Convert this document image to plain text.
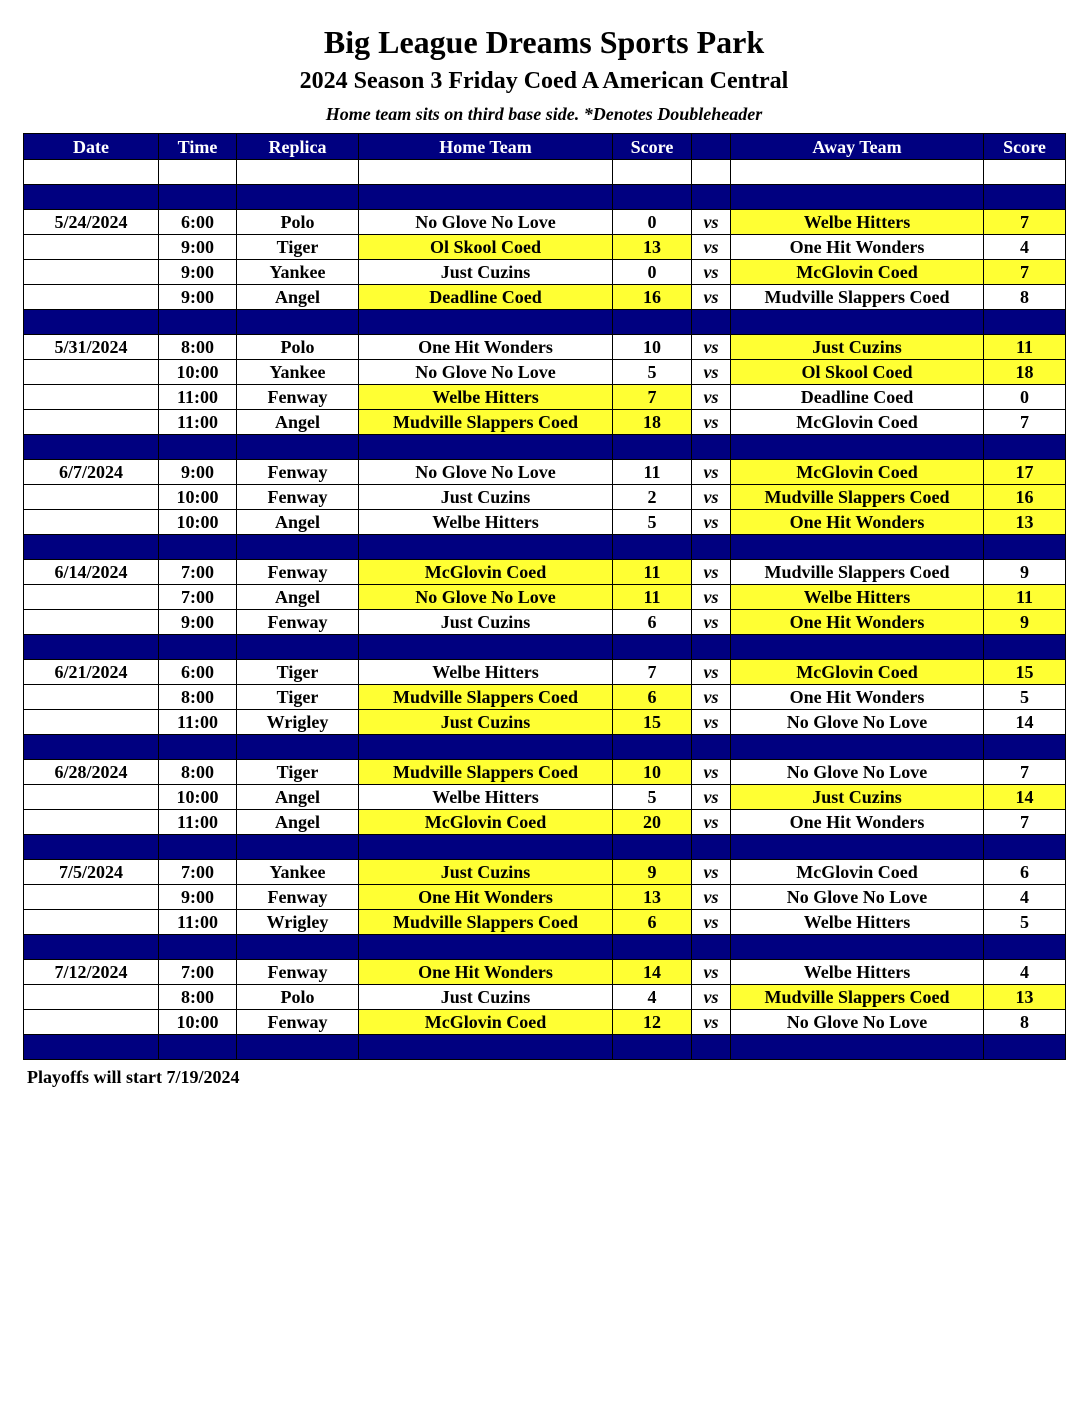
Big League Dreams Sports Park
2024 Season 3 Friday Coed A American Central
Home team sits on third base side. *Denotes Doubleheader
Date	Time	Replica	Home Team	Score		Away Team	Score

5/24/2024	6:00	Polo	No Glove No Love	0	vs	Welbe Hitters	7
	9:00	Tiger	Ol Skool Coed	13	vs	One Hit Wonders	4
	9:00	Yankee	Just Cuzins	0	vs	McGlovin Coed	7
	9:00	Angel	Deadline Coed	16	vs	Mudville Slappers Coed	8

5/31/2024	8:00	Polo	One Hit Wonders	10	vs	Just Cuzins	11
	10:00	Yankee	No Glove No Love	5	vs	Ol Skool Coed	18
	11:00	Fenway	Welbe Hitters	7	vs	Deadline Coed	0
	11:00	Angel	Mudville Slappers Coed	18	vs	McGlovin Coed	7

6/7/2024	9:00	Fenway	No Glove No Love	11	vs	McGlovin Coed	17
	10:00	Fenway	Just Cuzins	2	vs	Mudville Slappers Coed	16
	10:00	Angel	Welbe Hitters	5	vs	One Hit Wonders	13

6/14/2024	7:00	Fenway	McGlovin Coed	11	vs	Mudville Slappers Coed	9
	7:00	Angel	No Glove No Love	11	vs	Welbe Hitters	11
	9:00	Fenway	Just Cuzins	6	vs	One Hit Wonders	9

6/21/2024	6:00	Tiger	Welbe Hitters	7	vs	McGlovin Coed	15
	8:00	Tiger	Mudville Slappers Coed	6	vs	One Hit Wonders	5
	11:00	Wrigley	Just Cuzins	15	vs	No Glove No Love	14

6/28/2024	8:00	Tiger	Mudville Slappers Coed	10	vs	No Glove No Love	7
	10:00	Angel	Welbe Hitters	5	vs	Just Cuzins	14
	11:00	Angel	McGlovin Coed	20	vs	One Hit Wonders	7

7/5/2024	7:00	Yankee	Just Cuzins	9	vs	McGlovin Coed	6
	9:00	Fenway	One Hit Wonders	13	vs	No Glove No Love	4
	11:00	Wrigley	Mudville Slappers Coed	6	vs	Welbe Hitters	5

7/12/2024	7:00	Fenway	One Hit Wonders	14	vs	Welbe Hitters	4
	8:00	Polo	Just Cuzins	4	vs	Mudville Slappers Coed	13
	10:00	Fenway	McGlovin Coed	12	vs	No Glove No Love	8

Playoffs will start 7/19/2024
